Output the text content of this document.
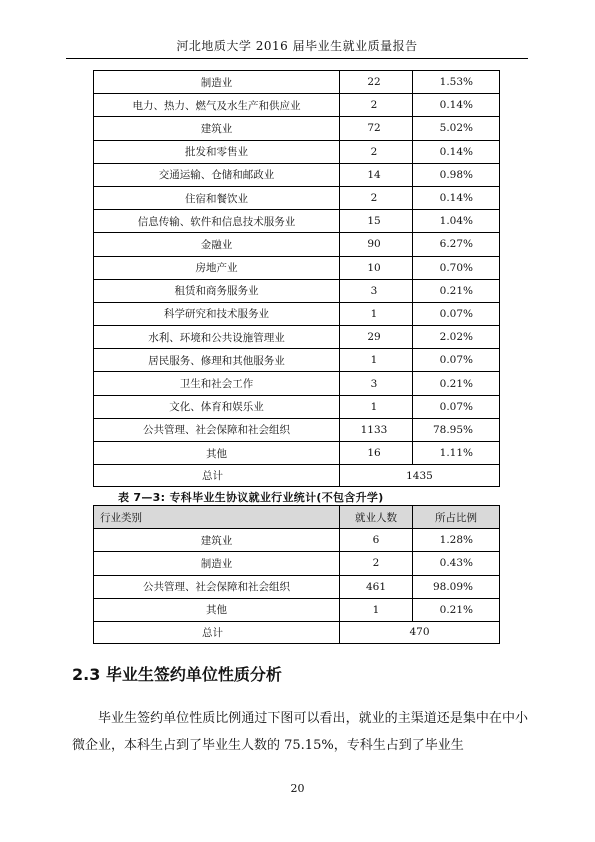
河北地质大学 2016 届毕业生就业质量报告
制造业	22	1.53%
电力、热力、燃气及水生产和供应业	2	0.14%
建筑业	72	5.02%
批发和零售业	2	0.14%
交通运输、仓储和邮政业	14	0.98%
住宿和餐饮业	2	0.14%
信息传输、软件和信息技术服务业	15	1.04%
金融业	90	6.27%
房地产业	10	0.70%
租赁和商务服务业	3	0.21%
科学研究和技术服务业	1	0.07%
水利、环境和公共设施管理业	29	2.02%
居民服务、修理和其他服务业	1	0.07%
卫生和社会工作	3	0.21%
文化、体育和娱乐业	1	0.07%
公共管理、社会保障和社会组织	1133	78.95%
其他	16	1.11%
总计	1435	
表 7—3: 专科毕业生协议就业行业统计(不包含升学)
行业类别	就业人数	所占比例
建筑业	6	1.28%
制造业	2	0.43%
公共管理、社会保障和社会组织	461	98.09%
其他	1	0.21%
总计	470	
2.3 毕业生签约单位性质分析

毕业生签约单位性质比例通过下图可以看出，就业的主渠道还是集中在中小微企业，本科生占到了毕业生人数的 75.15%，专科生占到了毕业生

20
